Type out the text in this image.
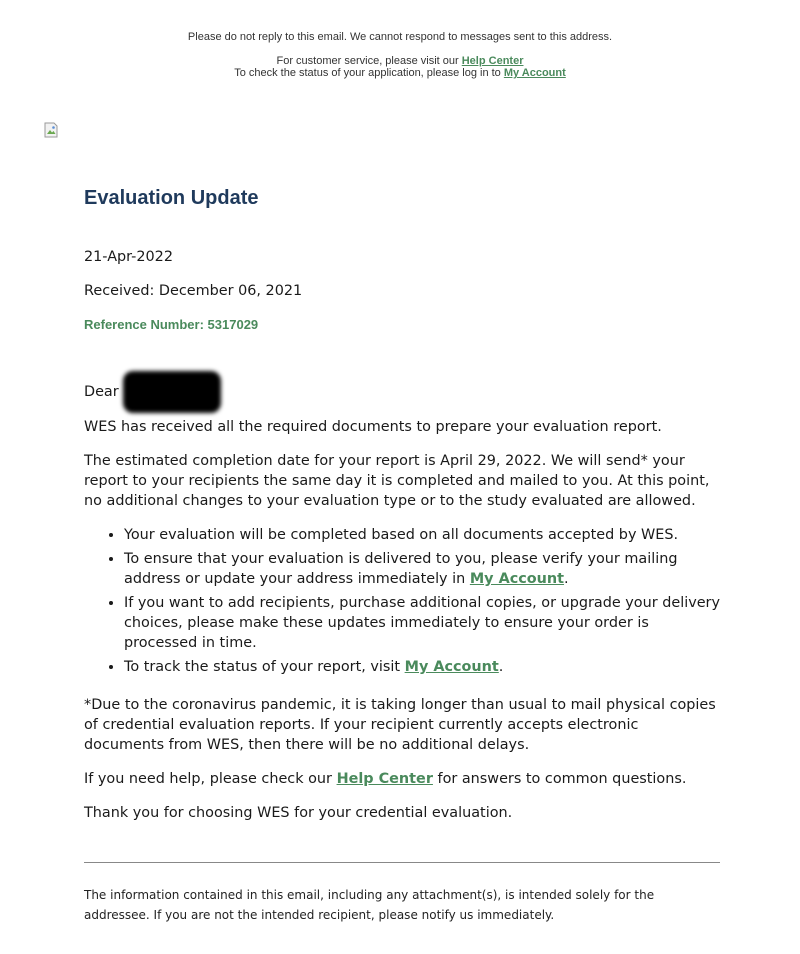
Please do not reply to this email. We cannot respond to messages sent to this address.
For customer service, please visit our Help Center
To check the status of your application, please log in to My Account
Evaluation Update
21-Apr-2022
Received: December 06, 2021
Reference Number: 5317029
Dear
WES has received all the required documents to prepare your evaluation report.
The estimated completion date for your report is April 29, 2022. We will send* your report to your recipients the same day it is completed and mailed to you. At this point, no additional changes to your evaluation type or to the study evaluated are allowed.
• Your evaluation will be completed based on all documents accepted by WES.
• To ensure that your evaluation is delivered to you, please verify your mailing address or update your address immediately in My Account.
• If you want to add recipients, purchase additional copies, or upgrade your delivery choices, please make these updates immediately to ensure your order is processed in time.
• To track the status of your report, visit My Account.
*Due to the coronavirus pandemic, it is taking longer than usual to mail physical copies of credential evaluation reports. If your recipient currently accepts electronic documents from WES, then there will be no additional delays.
If you need help, please check our Help Center for answers to common questions.
Thank you for choosing WES for your credential evaluation.
The information contained in this email, including any attachment(s), is intended solely for the addressee. If you are not the intended recipient, please notify us immediately.
